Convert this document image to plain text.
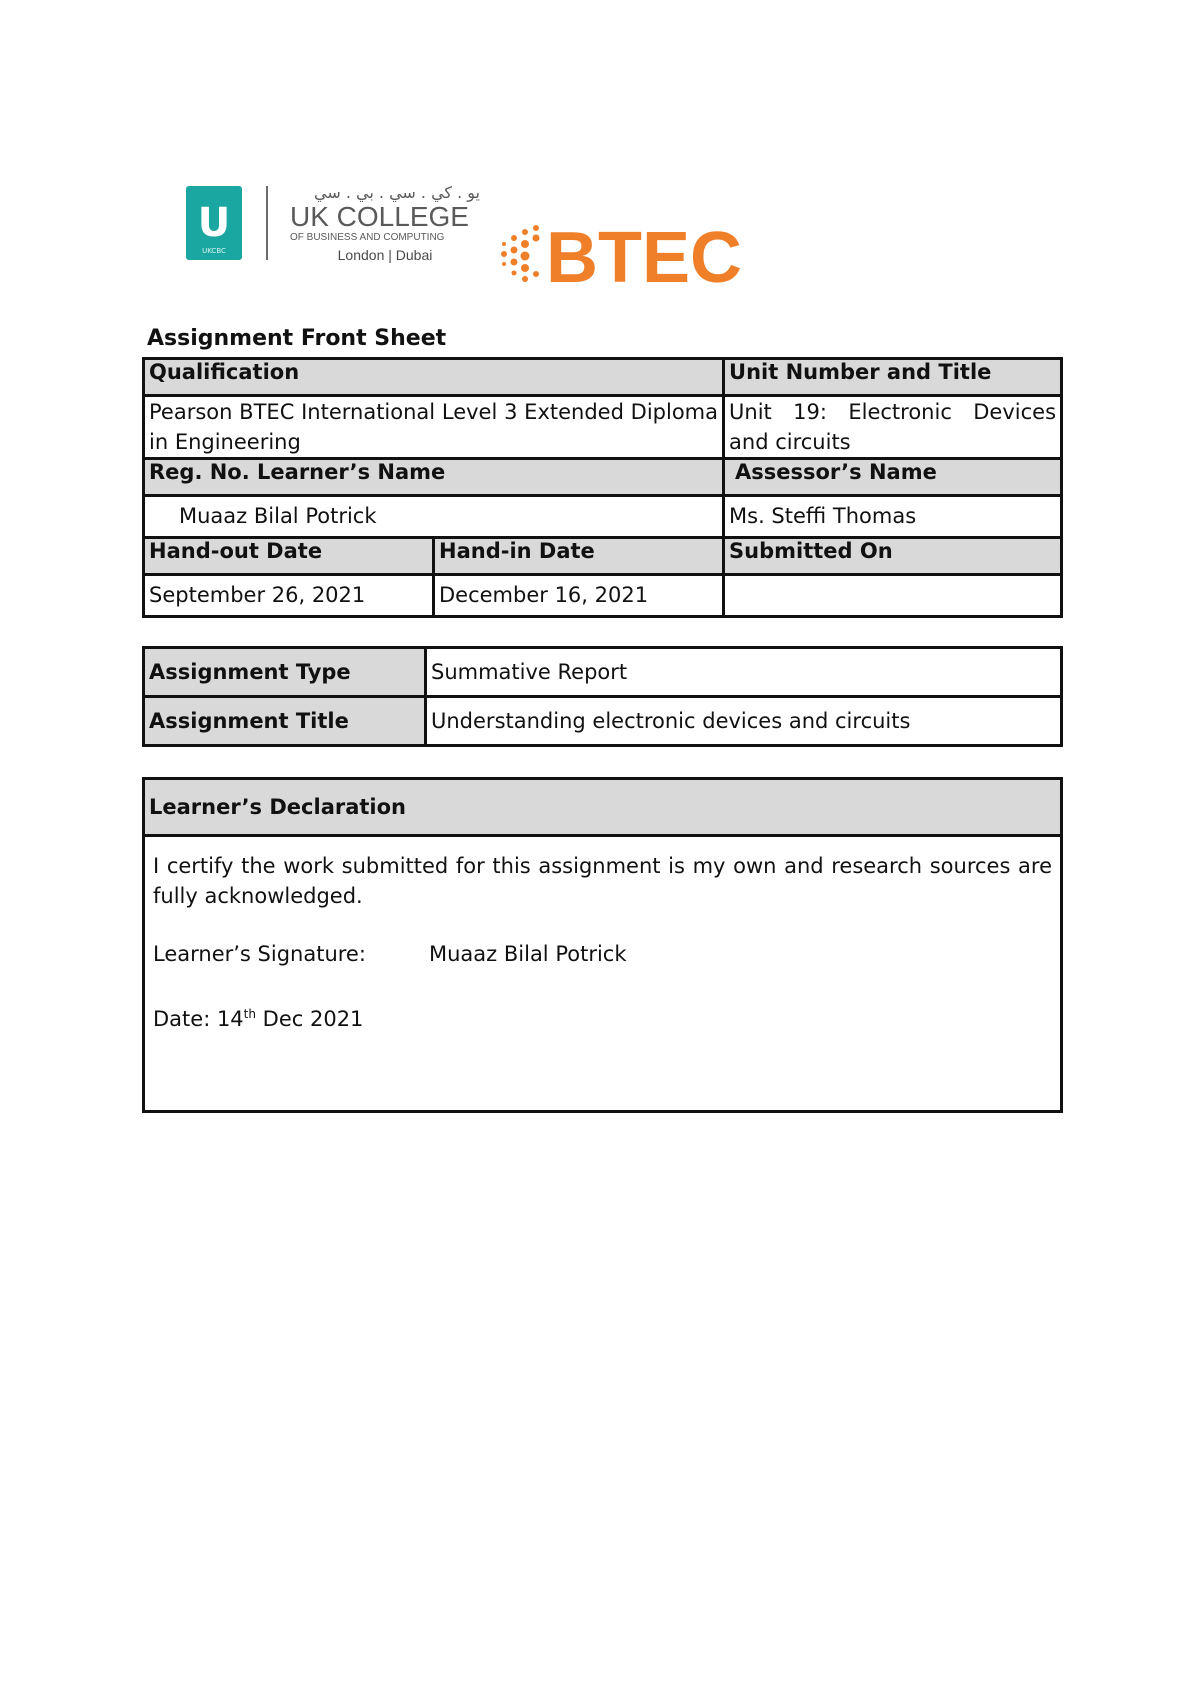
U
UKCBC
يو . كي . سي . بي . سي
UK COLLEGE
OF BUSINESS AND COMPUTING
London | Dubai	BTEC
Assignment Front Sheet
Qualification		Unit Number and Title
Pearson BTEC International Level 3 Extended Diploma in Engineering		Unit 19: Electronic Devices and circuits
Reg. No. Learner’s Name		Assessor’s Name
Muaaz Bilal Potrick		Ms. Steffi Thomas
Hand-out Date	Hand-in Date	Submitted On
September 26, 2021	December 16, 2021	
Assignment Type	Summative Report
Assignment Title	Understanding electronic devices and circuits
Learner’s Declaration

I certify the work submitted for this assignment is my own and research sources are fully acknowledged.

Learner’s Signature:	Muaaz Bilal Potrick
Date: 14th Dec 2021
